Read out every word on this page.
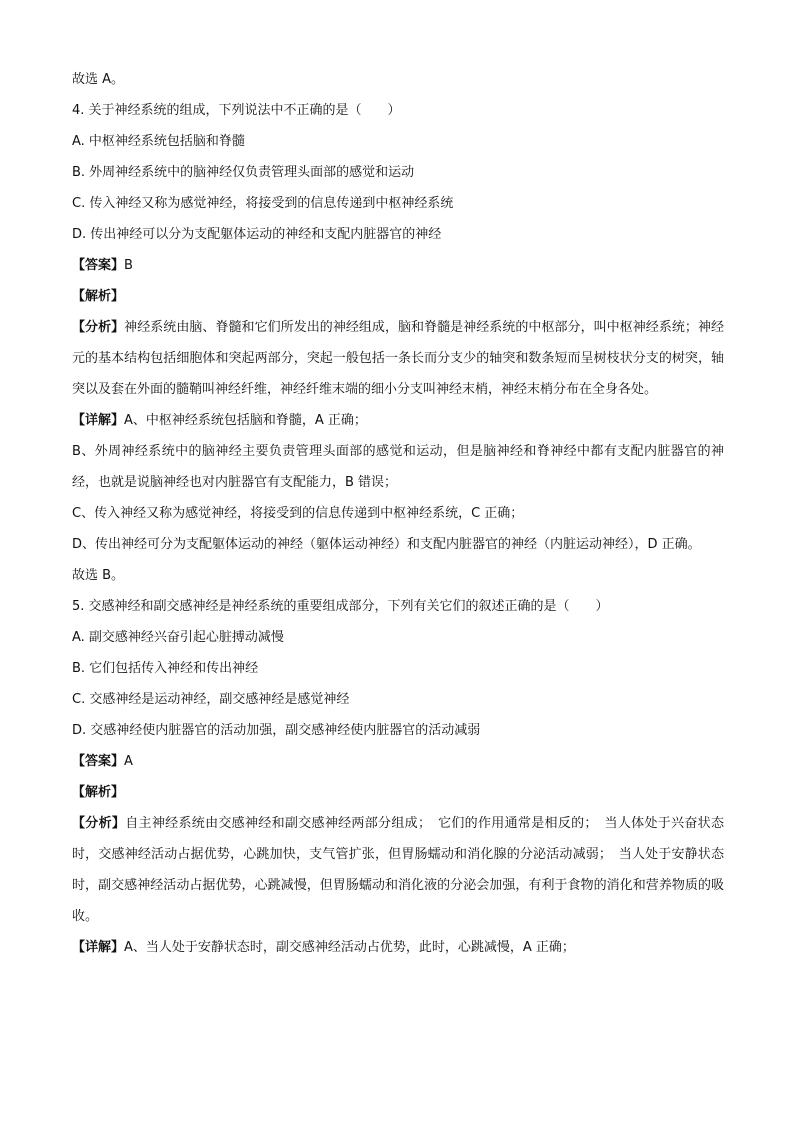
故选 A。
4. 关于神经系统的组成，下列说法中不正确的是（　　）
A. 中枢神经系统包括脑和脊髓
B. 外周神经系统中的脑神经仅负责管理头面部的感觉和运动
C. 传入神经又称为感觉神经，将接受到的信息传递到中枢神经系统
D. 传出神经可以分为支配躯体运动的神经和支配内脏器官的神经
【答案】B
【解析】
【分析】神经系统由脑、脊髓和它们所发出的神经组成，脑和脊髓是神经系统的中枢部分，叫中枢神经系统；神经元的基本结构包括细胞体和突起两部分，突起一般包括一条长而分支少的轴突和数条短而呈树枝状分支的树突，轴突以及套在外面的髓鞘叫神经纤维，神经纤维末端的细小分支叫神经末梢，神经末梢分布在全身各处。
【详解】A、中枢神经系统包括脑和脊髓，A 正确；
B、外周神经系统中的脑神经主要负责管理头面部的感觉和运动，但是脑神经和脊神经中都有支配内脏器官的神经，也就是说脑神经也对内脏器官有支配能力，B 错误；
C、传入神经又称为感觉神经，将接受到的信息传递到中枢神经系统，C 正确；
D、传出神经可分为支配躯体运动的神经（躯体运动神经）和支配内脏器官的神经（内脏运动神经），D 正确。
故选 B。
5. 交感神经和副交感神经是神经系统的重要组成部分，下列有关它们的叙述正确的是（　　）
A. 副交感神经兴奋引起心脏搏动减慢
B. 它们包括传入神经和传出神经
C. 交感神经是运动神经，副交感神经是感觉神经
D. 交感神经使内脏器官的活动加强，副交感神经使内脏器官的活动减弱
【答案】A
【解析】
【分析】自主神经系统由交感神经和副交感神经两部分组成；　它们的作用通常是相反的；　当人体处于兴奋状态时，交感神经活动占据优势，心跳加快，支气管扩张，但胃肠蠕动和消化腺的分泌活动减弱；　当人处于安静状态时，副交感神经活动占据优势，心跳减慢，但胃肠蠕动和消化液的分泌会加强，有利于食物的消化和营养物质的吸收。
【详解】A、当人处于安静状态时，副交感神经活动占优势，此时，心跳减慢，A 正确；
